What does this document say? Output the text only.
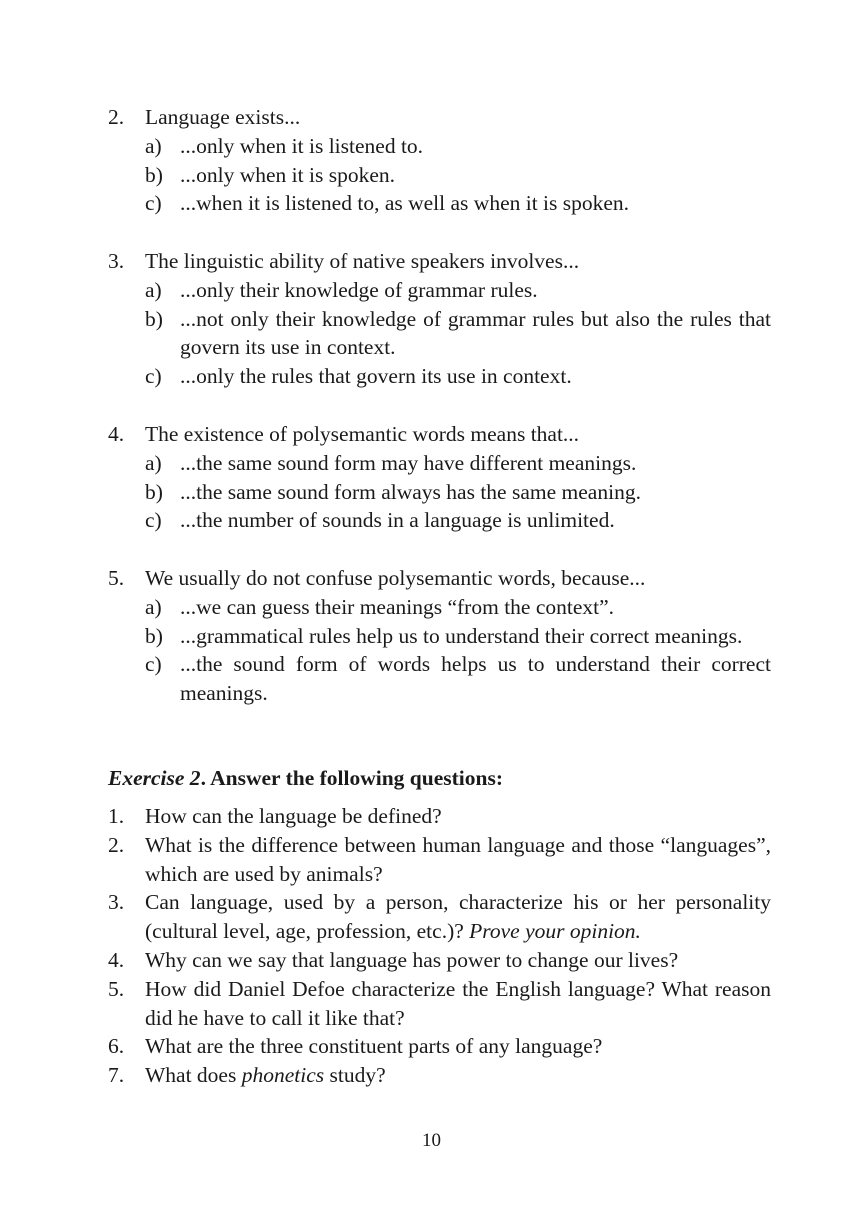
2. Language exists...
a) ...only when it is listened to.
b) ...only when it is spoken.
c) ...when it is listened to, as well as when it is spoken.
3. The linguistic ability of native speakers involves...
a) ...only their knowledge of grammar rules.
b) ...not only their knowledge of grammar rules but also the rules that govern its use in context.
c) ...only the rules that govern its use in context.
4. The existence of polysemantic words means that...
a) ...the same sound form may have different meanings.
b) ...the same sound form always has the same meaning.
c) ...the number of sounds in a language is unlimited.
5. We usually do not confuse polysemantic words, because...
a) ...we can guess their meanings “from the context”.
b) ...grammatical rules help us to understand their correct meanings.
c) ...the sound form of words helps us to understand their correct meanings.
Exercise 2. Answer the following questions:
1. How can the language be defined?
2. What is the difference between human language and those “languages”, which are used by animals?
3. Can language, used by a person, characterize his or her personality (cultural level, age, profession, etc.)? Prove your opinion.
4. Why can we say that language has power to change our lives?
5. How did Daniel Defoe characterize the English language? What reason did he have to call it like that?
6. What are the three constituent parts of any language?
7. What does phonetics study?
10
